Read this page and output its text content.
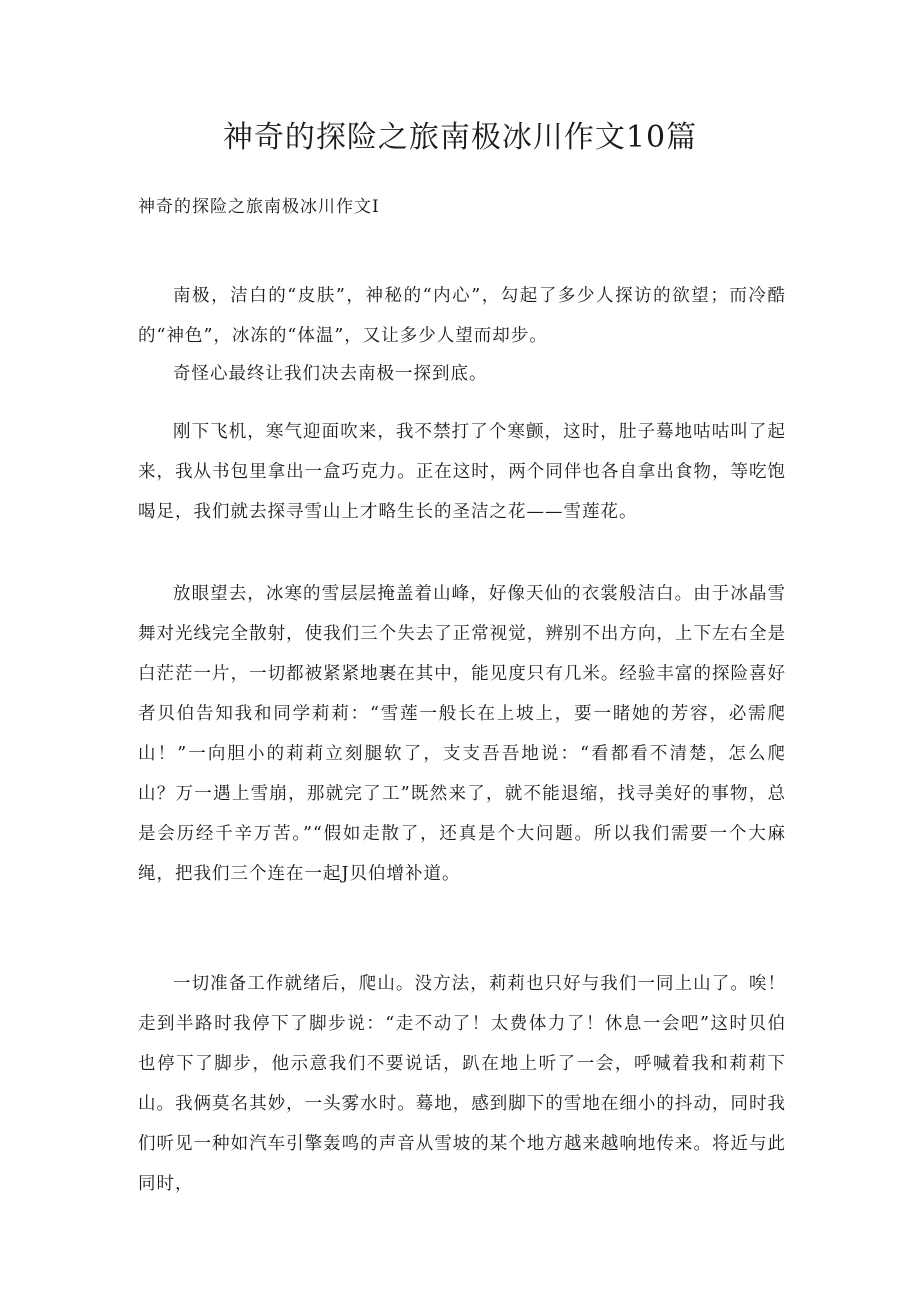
神奇的探险之旅南极冰川作文10篇
神奇的探险之旅南极冰川作文I

南极，洁白的“皮肤”，神秘的“内心”，勾起了多少人探访的欲望；而冷酷的“神色”，冰冻的“体温”，又让多少人望而却步。

奇怪心最终让我们决去南极一探到底。

刚下飞机，寒气迎面吹来，我不禁打了个寒颤，这时，肚子蓦地咕咕叫了起来，我从书包里拿出一盒巧克力。正在这时，两个同伴也各自拿出食物，等吃饱喝足，我们就去探寻雪山上才略生长的圣洁之花——雪莲花。

放眼望去，冰寒的雪层层掩盖着山峰，好像天仙的衣裳般洁白。由于冰晶雪舞对光线完全散射，使我们三个失去了正常视觉，辨别不出方向，上下左右全是白茫茫一片，一切都被紧紧地裹在其中，能见度只有几米。经验丰富的探险喜好者贝伯告知我和同学莉莉：“雪莲一般长在上坡上，要一睹她的芳容，必需爬山！”一向胆小的莉莉立刻腿软了，支支吾吾地说：“看都看不清楚，怎么爬山？万一遇上雪崩，那就完了工”既然来了，就不能退缩，找寻美好的事物，总是会历经千辛万苦。”“假如走散了，还真是个大问题。所以我们需要一个大麻绳，把我们三个连在一起J贝伯增补道。

一切准备工作就绪后，爬山。没方法，莉莉也只好与我们一同上山了。唉！走到半路时我停下了脚步说：“走不动了！太费体力了！休息一会吧”这时贝伯也停下了脚步，他示意我们不要说话，趴在地上听了一会，呼喊着我和莉莉下山。我俩莫名其妙，一头雾水时。蓦地，感到脚下的雪地在细小的抖动，同时我们听见一种如汽车引擎轰鸣的声音从雪坡的某个地方越来越响地传来。将近与此同时，
